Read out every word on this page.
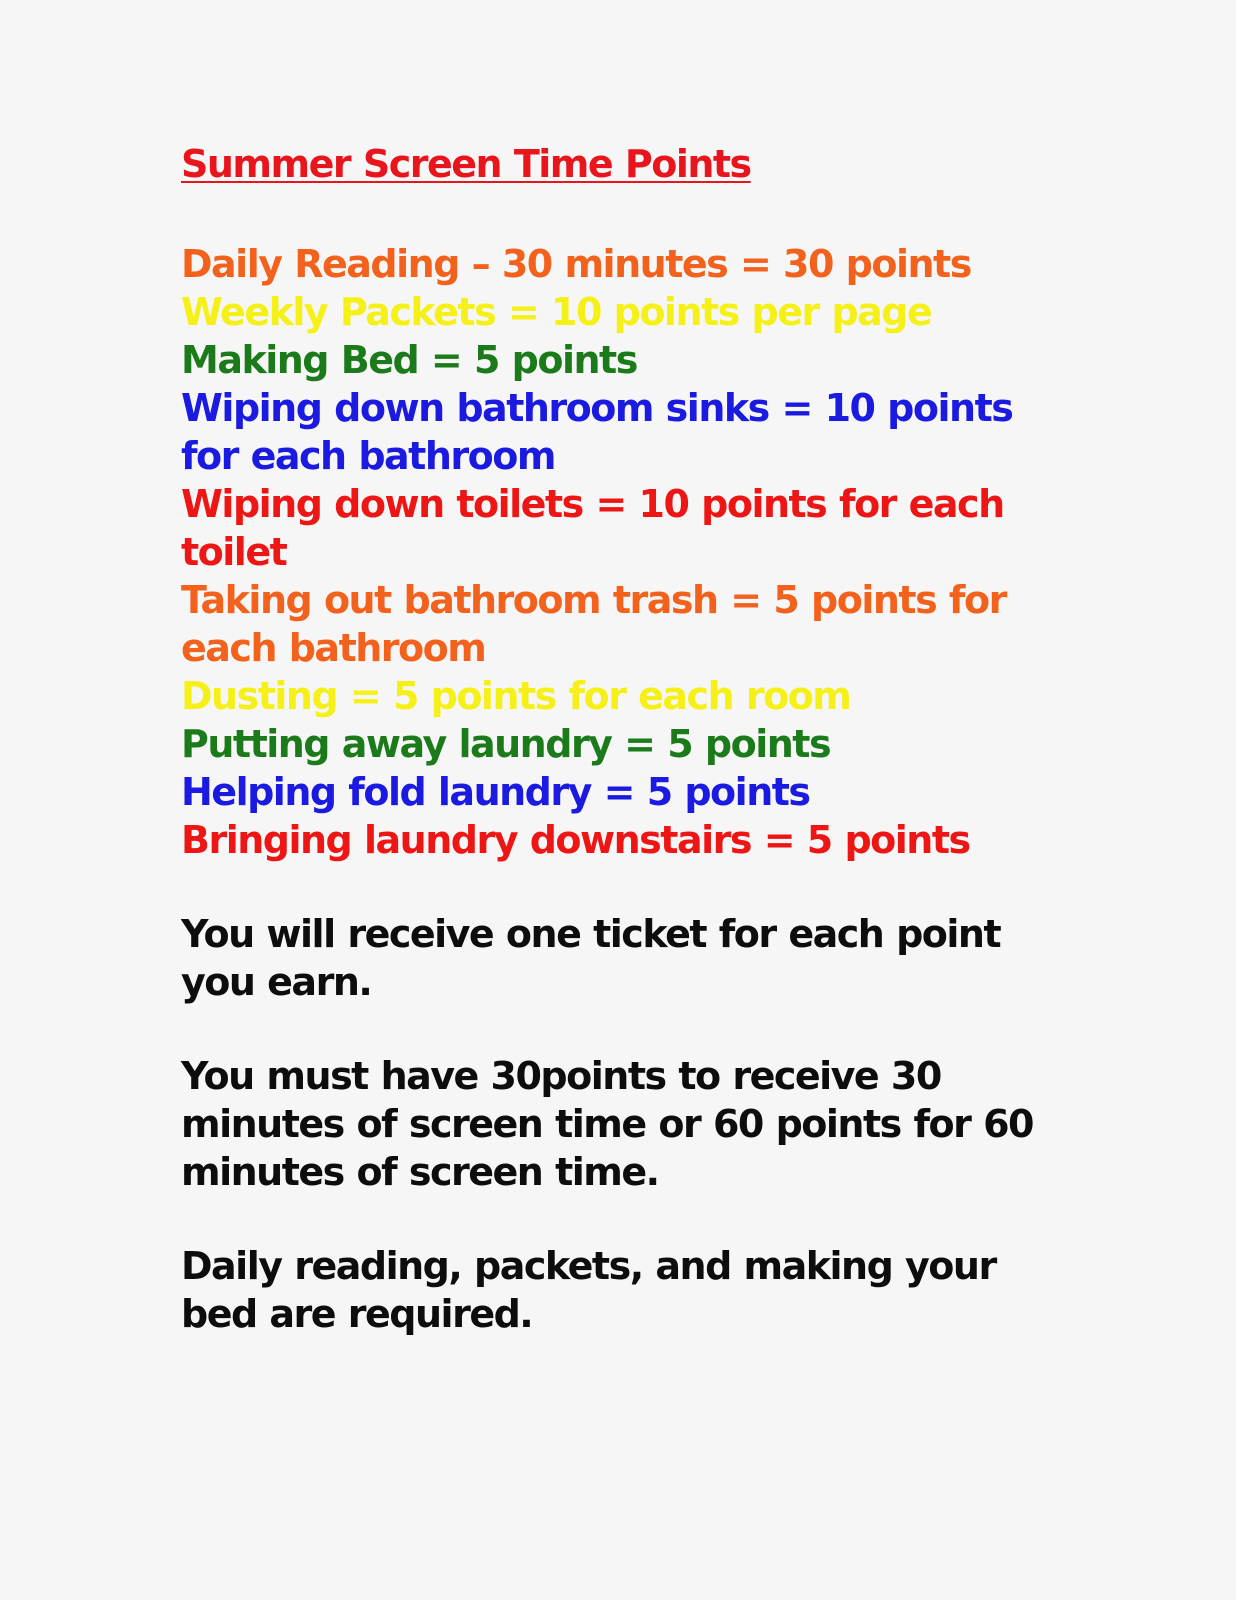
Summer Screen Time Points
Daily Reading – 30 minutes = 30 points
Weekly Packets = 10 points per page
Making Bed = 5 points
Wiping down bathroom sinks = 10 points for each bathroom
Wiping down toilets = 10 points for each toilet
Taking out bathroom trash = 5 points for each bathroom
Dusting = 5 points for each room
Putting away laundry = 5 points
Helping fold laundry = 5 points
Bringing laundry downstairs = 5 points

You will receive one ticket for each point you earn.

You must have 30points to receive 30 minutes of screen time or 60 points for 60 minutes of screen time.

Daily reading, packets, and making your bed are required.
